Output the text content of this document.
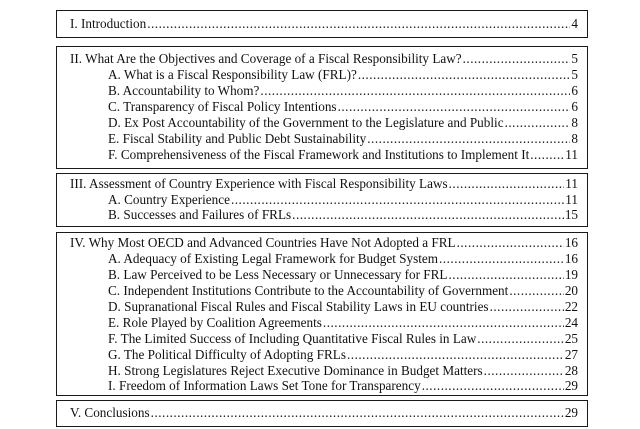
I. Introduction .....	4
II. What Are the Objectives and Coverage of a Fiscal Responsibility Law? .....	5
A. What is a Fiscal Responsibility Law (FRL)? .....	5
B. Accountability to Whom? .....	6
C. Transparency of Fiscal Policy Intentions .....	6
D. Ex Post Accountability of the Government to the Legislature and Public .....	8
E. Fiscal Stability and Public Debt Sustainability .....	8
F. Comprehensiveness of the Fiscal Framework and Institutions to Implement It .....	11
III. Assessment of Country Experience with Fiscal Responsibility Laws .....	11
A. Country Experience .....	11
B. Successes and Failures of FRLs .....	15
IV. Why Most OECD and Advanced Countries Have Not Adopted a FRL .....	16
A. Adequacy of Existing Legal Framework for Budget System .....	16
B. Law Perceived to be Less Necessary or Unnecessary for FRL .....	19
C. Independent Institutions Contribute to the Accountability of Government .....	20
D. Supranational Fiscal Rules and Fiscal Stability Laws in EU countries .....	22
E. Role Played by Coalition Agreements .....	24
F. The Limited Success of Including Quantitative Fiscal Rules in Law .....	25
G. The Political Difficulty of Adopting FRLs .....	27
H. Strong Legislatures Reject Executive Dominance in Budget Matters .....	28
I. Freedom of Information Laws Set Tone for Transparency .....	29
V. Conclusions .....	29
